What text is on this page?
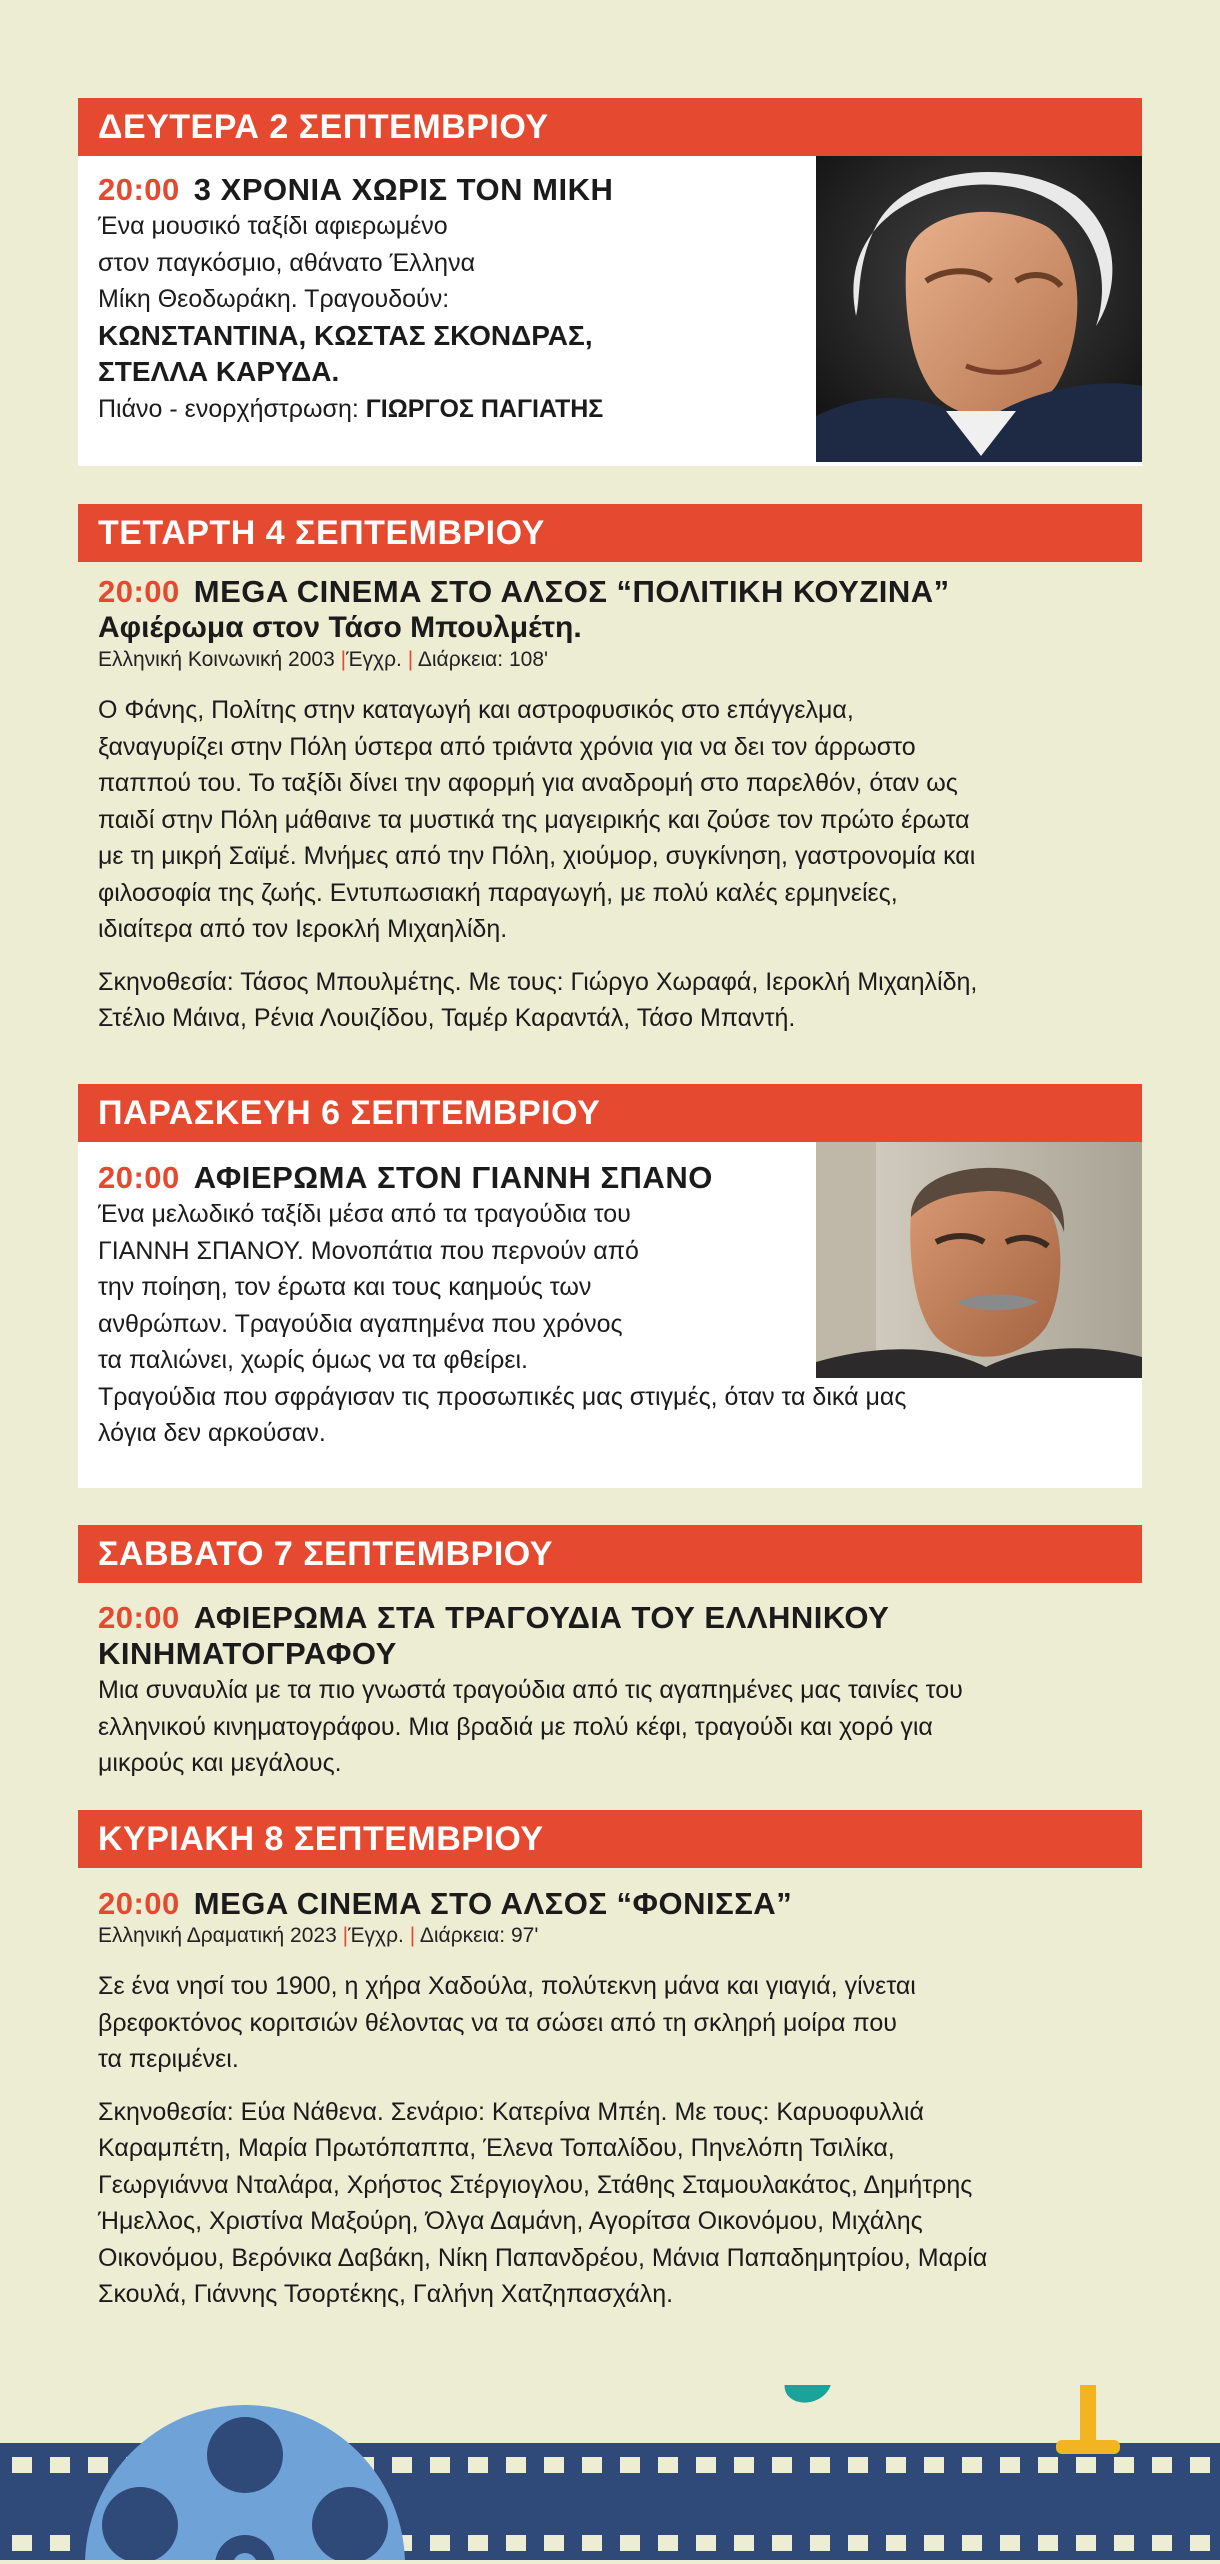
ΔΕΥΤΕΡΑ 2 ΣΕΠΤΕΜΒΡΙΟΥ
20:00 3 ΧΡΟΝΙΑ ΧΩΡΙΣ ΤΟΝ ΜΙΚΗ

Ένα μουσικό ταξίδι αφιερωμένο

στον παγκόσμιο, αθάνατο Έλληνα

Μίκη Θεοδωράκη. Τραγουδούν:

ΚΩΝΣΤΑΝΤΙΝΑ, ΚΩΣΤΑΣ ΣΚΟΝΔΡΑΣ,

ΣΤΕΛΛΑ ΚΑΡΥΔΑ.

Πιάνο - ενορχήστρωση: ΓΙΩΡΓΟΣ ΠΑΓΙΑΤΗΣ

ΤΕΤΑΡΤΗ 4 ΣΕΠΤΕΜΒΡΙΟΥ
20:00 MEGA CINEMA ΣΤΟ ΑΛΣΟΣ “ΠΟΛΙΤΙΚΗ ΚΟΥΖΙΝΑ”
Αφιέρωμα στον Τάσο Μπουλμέτη.
Ελληνική Κοινωνική 2003 |Έγχρ. | Διάρκεια: 108'

Ο Φάνης, Πολίτης στην καταγωγή και αστροφυσικός στο επάγγελμα,

ξαναγυρίζει στην Πόλη ύστερα από τριάντα χρόνια για να δει τον άρρωστο

παππού του. Το ταξίδι δίνει την αφορμή για αναδρομή στο παρελθόν, όταν ως

παιδί στην Πόλη μάθαινε τα μυστικά της μαγειρικής και ζούσε τον πρώτο έρωτα

με τη μικρή Σαϊμέ. Μνήμες από την Πόλη, χιούμορ, συγκίνηση, γαστρονομία και

φιλοσοφία της ζωής. Εντυπωσιακή παραγωγή, με πολύ καλές ερμηνείες,

ιδιαίτερα από τον Ιεροκλή Μιχαηλίδη.

Σκηνοθεσία: Τάσος Μπουλμέτης. Με τους: Γιώργο Χωραφά, Ιεροκλή Μιχαηλίδη,

Στέλιο Μάινα, Ρένια Λουιζίδου, Ταμέρ Καραντάλ, Τάσο Μπαντή.

ΠΑΡΑΣΚΕΥΗ 6 ΣΕΠΤΕΜΒΡΙΟΥ
20:00 ΑΦΙΕΡΩΜΑ ΣΤΟΝ ΓΙΑΝΝΗ ΣΠΑΝΟ

Ένα μελωδικό ταξίδι μέσα από τα τραγούδια του

ΓΙΑΝΝΗ ΣΠΑΝΟΥ. Μονοπάτια που περνούν από

την ποίηση, τον έρωτα και τους καημούς των

ανθρώπων. Τραγούδια αγαπημένα που χρόνος

τα παλιώνει, χωρίς όμως να τα φθείρει.

Τραγούδια που σφράγισαν τις προσωπικές μας στιγμές, όταν τα δικά μας

λόγια δεν αρκούσαν.

ΣΑΒΒΑΤΟ 7 ΣΕΠΤΕΜΒΡΙΟΥ
20:00 ΑΦΙΕΡΩΜΑ ΣΤΑ ΤΡΑΓΟΥΔΙΑ ΤΟΥ ΕΛΛΗΝΙΚΟΥ
ΚΙΝΗΜΑΤΟΓΡΑΦΟΥ

Μια συναυλία με τα πιο γνωστά τραγούδια από τις αγαπημένες μας ταινίες του

ελληνικού κινηματογράφου. Μια βραδιά με πολύ κέφι, τραγούδι και χορό για

μικρούς και μεγάλους.

ΚΥΡΙΑΚΗ 8 ΣΕΠΤΕΜΒΡΙΟΥ
20:00 MEGA CINEMA ΣΤΟ ΑΛΣΟΣ “ΦΟΝΙΣΣΑ”
Ελληνική Δραματική 2023 |Έγχρ. | Διάρκεια: 97'

Σε ένα νησί του 1900, η χήρα Χαδούλα, πολύτεκνη μάνα και γιαγιά, γίνεται

βρεφοκτόνος κοριτσιών θέλοντας να τα σώσει από τη σκληρή μοίρα που

τα περιμένει.

Σκηνοθεσία: Εύα Νάθενα. Σενάριο: Κατερίνα Μπέη. Με τους: Καρυοφυλλιά

Καραμπέτη, Μαρία Πρωτόπαππα, Έλενα Τοπαλίδου, Πηνελόπη Τσιλίκα,

Γεωργιάννα Νταλάρα, Χρήστος Στέργιογλου, Στάθης Σταμουλακάτος, Δημήτρης

Ήμελλος, Χριστίνα Μαξούρη, Όλγα Δαμάνη, Αγορίτσα Οικονόμου, Μιχάλης

Οικονόμου, Βερόνικα Δαβάκη, Νίκη Παπανδρέου, Μάνια Παπαδημητρίου, Μαρία

Σκουλά, Γιάννης Τσορτέκης, Γαλήνη Χατζηπασχάλη.
